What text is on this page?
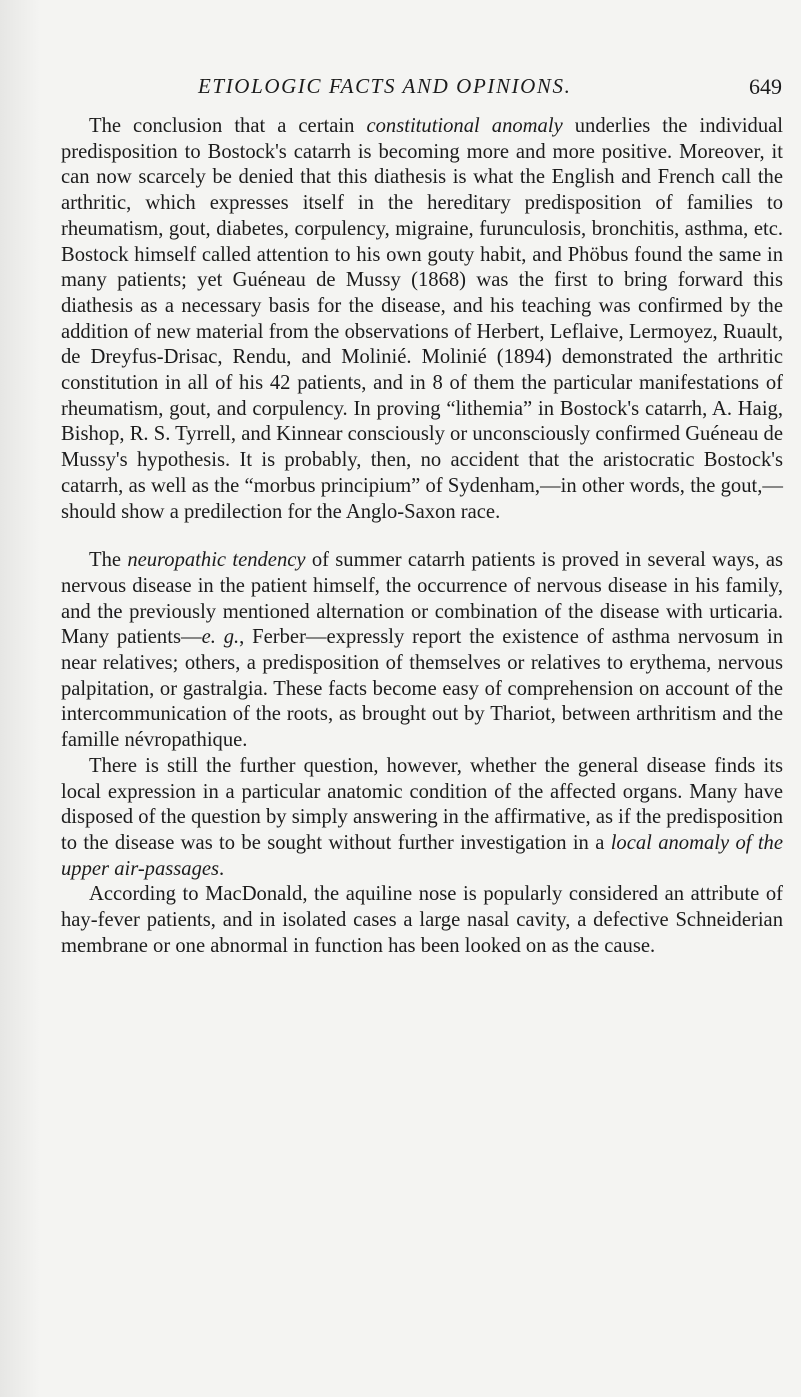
ETIOLOGIC FACTS AND OPINIONS.	649

The conclusion that a certain constitutional anomaly underlies the individual predisposition to Bostock's catarrh is becoming more and more positive. Moreover, it can now scarcely be denied that this diathesis is what the English and French call the arthritic, which expresses itself in the hereditary predisposition of families to rheumatism, gout, diabetes, corpulency, migraine, furunculosis, bronchitis, asthma, etc. Bostock himself called attention to his own gouty habit, and Phöbus found the same in many patients; yet Guéneau de Mussy (1868) was the first to bring forward this diathesis as a necessary basis for the disease, and his teaching was confirmed by the addition of new material from the observations of Herbert, Leflaive, Lermoyez, Ruault, de Dreyfus-Drisac, Rendu, and Molinié. Molinié (1894) demonstrated the arthritic constitution in all of his 42 patients, and in 8 of them the particular manifestations of rheumatism, gout, and corpulency. In proving “lithemia” in Bostock's catarrh, A. Haig, Bishop, R. S. Tyrrell, and Kinnear consciously or unconsciously confirmed Guéneau de Mussy's hypothesis. It is probably, then, no accident that the aristocratic Bostock's catarrh, as well as the “morbus principium” of Sydenham,—in other words, the gout,—should show a predilection for the Anglo-Saxon race.

The neuropathic tendency of summer catarrh patients is proved in several ways, as nervous disease in the patient himself, the occurrence of nervous disease in his family, and the previously mentioned alternation or combination of the disease with urticaria. Many patients—e. g., Ferber—expressly report the existence of asthma nervosum in near relatives; others, a predisposition of themselves or relatives to erythema, nervous palpitation, or gastralgia. These facts become easy of comprehension on account of the intercommunication of the roots, as brought out by Thariot, between arthritism and the famille névropathique.

There is still the further question, however, whether the general disease finds its local expression in a particular anatomic condition of the affected organs. Many have disposed of the question by simply answering in the affirmative, as if the predisposition to the disease was to be sought without further investigation in a local anomaly of the upper air-passages.

According to MacDonald, the aquiline nose is popularly considered an attribute of hay-fever patients, and in isolated cases a large nasal cavity, a defective Schneiderian membrane or one abnormal in function has been looked on as the cause.
